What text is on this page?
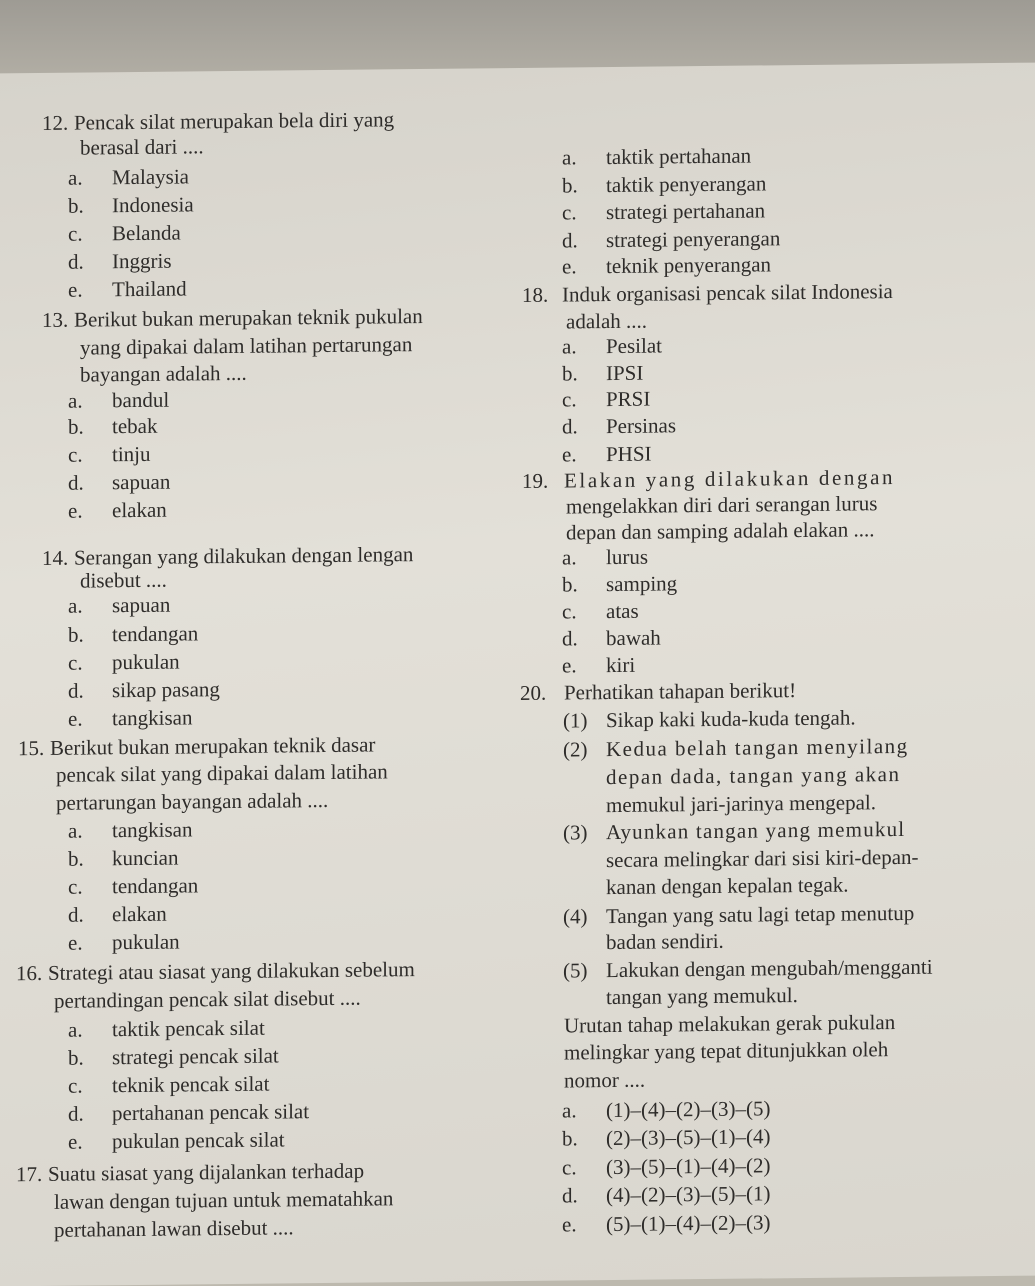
12. Pencak silat merupakan bela diri yang
berasal dari ....
a. Malaysia
b. Indonesia
c. Belanda
d. Inggris
e. Thailand
13. Berikut bukan merupakan teknik pukulan
yang dipakai dalam latihan pertarungan
bayangan adalah ....
a. bandul
b. tebak
c. tinju
d. sapuan
e. elakan
14. Serangan yang dilakukan dengan lengan
disebut ....
a. sapuan
b. tendangan
c. pukulan
d. sikap pasang
e. tangkisan
15. Berikut bukan merupakan teknik dasar
pencak silat yang dipakai dalam latihan
pertarungan bayangan adalah ....
a. tangkisan
b. kuncian
c. tendangan
d. elakan
e. pukulan
16. Strategi atau siasat yang dilakukan sebelum
pertandingan pencak silat disebut ....
a. taktik pencak silat
b. strategi pencak silat
c. teknik pencak silat
d. pertahanan pencak silat
e. pukulan pencak silat
17. Suatu siasat yang dijalankan terhadap
lawan dengan tujuan untuk mematahkan
pertahanan lawan disebut ....
a. taktik pertahanan
b. taktik penyerangan
c. strategi pertahanan
d. strategi penyerangan
e. teknik penyerangan
18. Induk organisasi pencak silat Indonesia
adalah ....
a. Pesilat
b. IPSI
c. PRSI
d. Persinas
e. PHSI
19. Elakan yang dilakukan dengan
mengelakkan diri dari serangan lurus
depan dan samping adalah elakan ....
a. lurus
b. samping
c. atas
d. bawah
e. kiri
20. Perhatikan tahapan berikut!
(1) Sikap kaki kuda-kuda tengah.
(2) Kedua belah tangan menyilang
depan dada, tangan yang akan
memukul jari-jarinya mengepal.
(3) Ayunkan tangan yang memukul
secara melingkar dari sisi kiri-depan-
kanan dengan kepalan tegak.
(4) Tangan yang satu lagi tetap menutup
badan sendiri.
(5) Lakukan dengan mengubah/mengganti
tangan yang memukul.
Urutan tahap melakukan gerak pukulan
melingkar yang tepat ditunjukkan oleh
nomor ....
a. (1)–(4)–(2)–(3)–(5)
b. (2)–(3)–(5)–(1)–(4)
c. (3)–(5)–(1)–(4)–(2)
d. (4)–(2)–(3)–(5)–(1)
e. (5)–(1)–(4)–(2)–(3)
